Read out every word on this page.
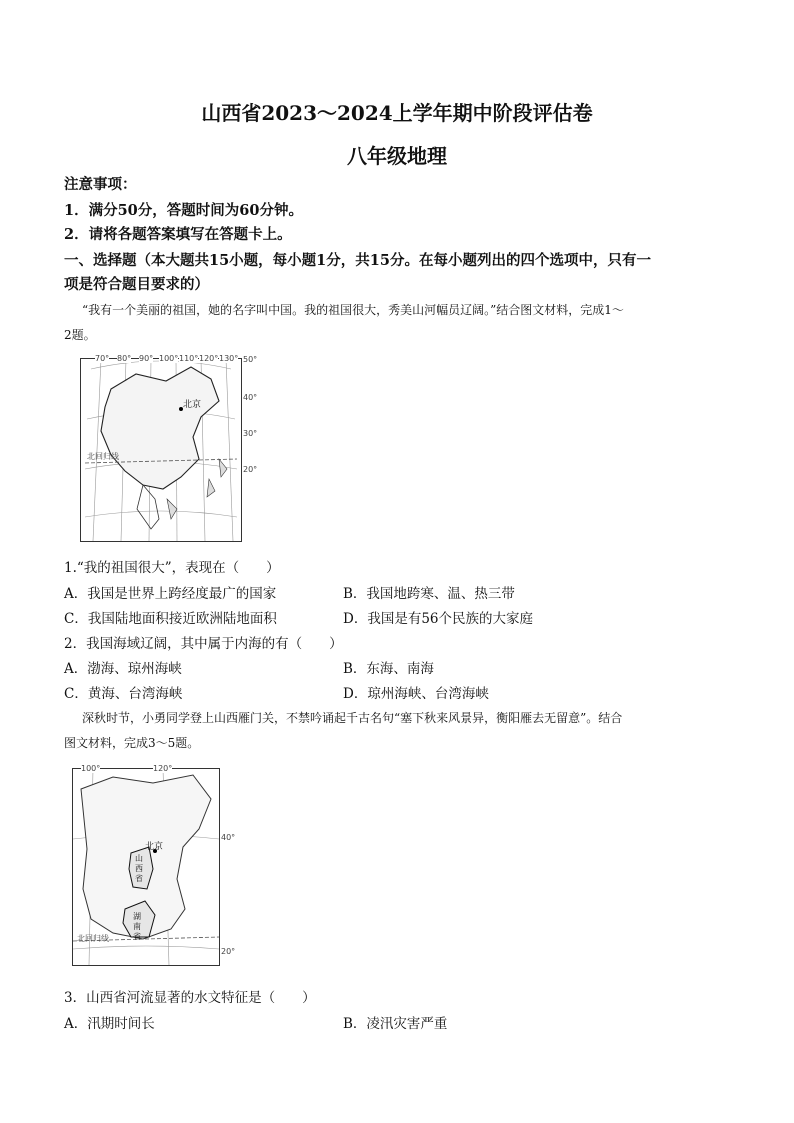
山西省2023～2024上学年期中阶段评估卷
八年级地理
注意事项：
1．满分50分，答题时间为60分钟。
2．请将各题答案填写在答题卡上。
一、选择题（本大题共15小题，每小题1分，共15分。在每小题列出的四个选项中，只有一
项是符合题目要求的）
“我有一个美丽的祖国，她的名字叫中国。我的祖国很大，秀美山河幅员辽阔。”结合图文材料，完成1～
2题。
北京
北回归线
70° 80° 90° 100° 110° 120° 130° 50°
40°
30°
20°
1.“我的祖国很大”，表现在（　　）
A．我国是世界上跨经度最广的国家	B．我国地跨寒、温、热三带
C．我国陆地面积接近欧洲陆地面积	D．我国是有56个民族的大家庭
2．我国海域辽阔，其中属于内海的有（　　）
A．渤海、琼州海峡	B．东海、南海
C．黄海、台湾海峡	D．琼州海峡、台湾海峡
深秋时节，小勇同学登上山西雁门关，不禁吟诵起千古名句“塞下秋来风景异，衡阳雁去无留意”。结合
图文材料，完成3～5题。
北京
山
西
省
湖
南
省
北回归线
100°	120°
40°
20°
3．山西省河流显著的水文特征是（　　）
A．汛期时间长	B．凌汛灾害严重
